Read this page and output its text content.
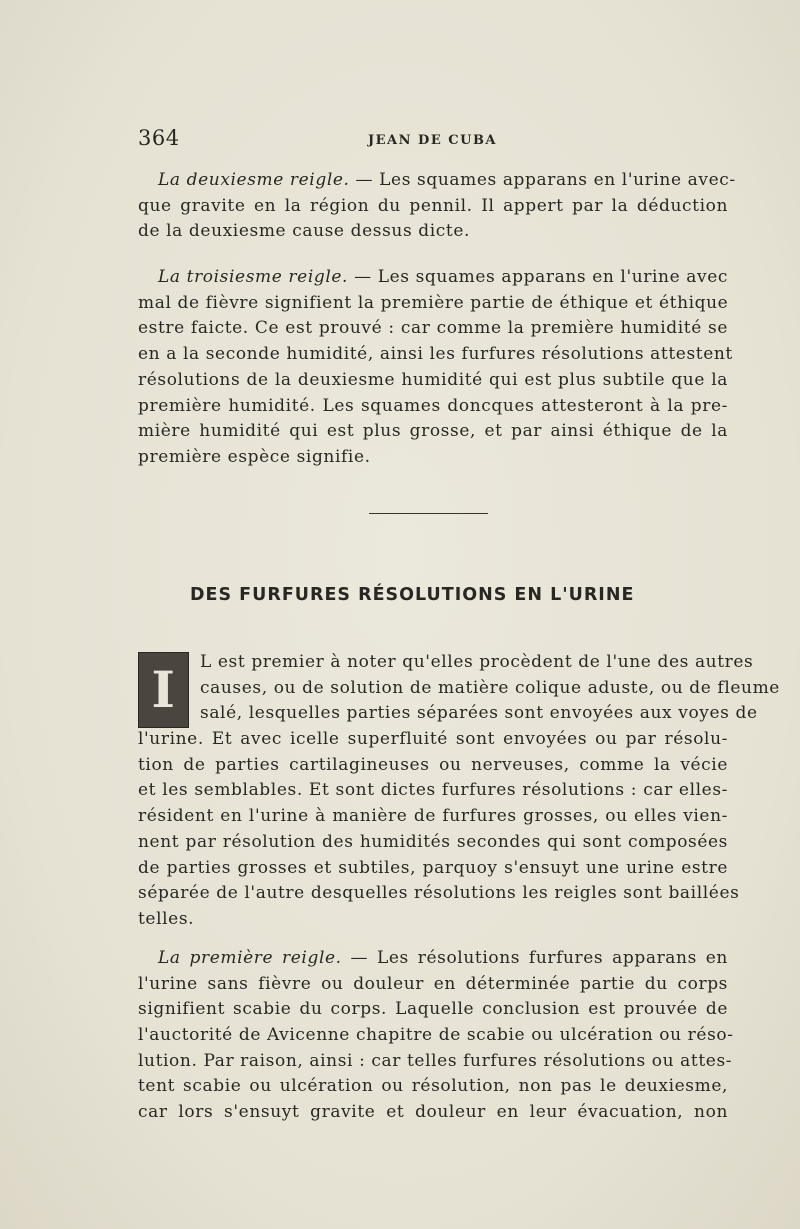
364	JEAN DE CUBA
La deuxiesme reigle. — Les squames apparans en l'urine avec-
que gravite en la région du pennil. Il appert par la déduction
de la deuxiesme cause dessus dicte.
La troisiesme reigle. — Les squames apparans en l'urine avec
mal de fièvre signifient la première partie de éthique et éthique
estre faicte. Ce est prouvé : car comme la première humidité se
en a la seconde humidité, ainsi les furfures résolutions attestent
résolutions de la deuxiesme humidité qui est plus subtile que la
première humidité. Les squames doncques attesteront à la pre-
mière humidité qui est plus grosse, et par ainsi éthique de la
première espèce signifie.
DES FURFURES RÉSOLUTIONS EN L'URINE
I	L est premier à noter qu'elles procèdent de l'une des autres
causes, ou de solution de matière colique aduste, ou de fleume
salé, lesquelles parties séparées sont envoyées aux voyes de
l'urine. Et avec icelle superfluité sont envoyées ou par résolu-
tion de parties cartilagineuses ou nerveuses, comme la vécie
et les semblables. Et sont dictes furfures résolutions : car elles-
résident en l'urine à manière de furfures grosses, ou elles vien-
nent par résolution des humidités secondes qui sont composées
de parties grosses et subtiles, parquoy s'ensuyt une urine estre
séparée de l'autre desquelles résolutions les reigles sont baillées
telles.
La première reigle. — Les résolutions furfures apparans en
l'urine sans fièvre ou douleur en déterminée partie du corps
signifient scabie du corps. Laquelle conclusion est prouvée de
l'auctorité de Avicenne chapitre de scabie ou ulcération ou réso-
lution. Par raison, ainsi : car telles furfures résolutions ou attes-
tent scabie ou ulcération ou résolution, non pas le deuxiesme,
car lors s'ensuyt gravite et douleur en leur évacuation, non
